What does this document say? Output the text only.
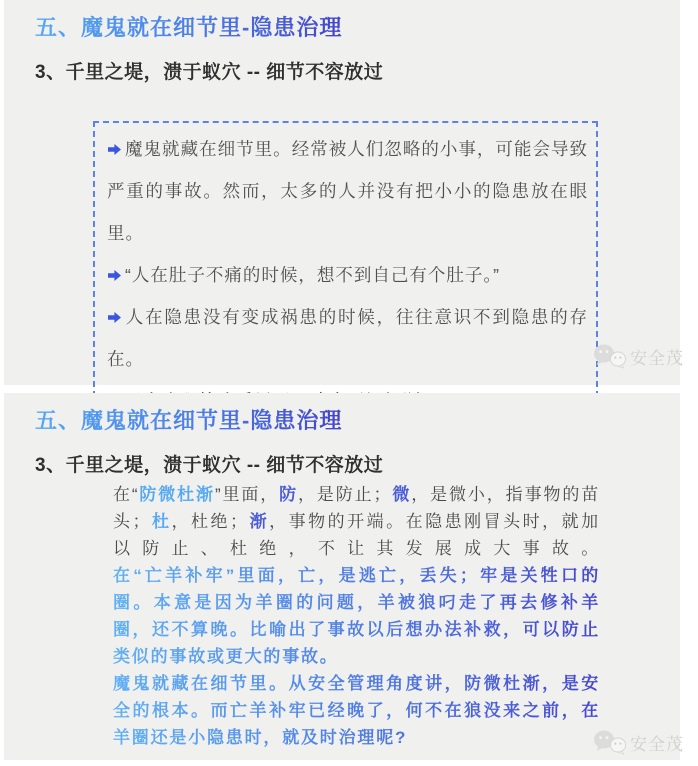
五、魔鬼就在细节里-隐患治理
3、千里之堤，溃于蚁穴 -- 细节不容放过
魔鬼就藏在细节里。经常被人们忽略的小事，可能会导致严重的事故。然而，太多的人并没有把小小的隐患放在眼里。
“人在肚子不痛的时候，想不到自己有个肚子。”
人在隐患没有变成祸患的时候，往往意识不到隐患的存在。	安全茂
五、魔鬼就在细节里-隐患治理
3、千里之堤，溃于蚁穴 -- 细节不容放过

在“防微杜渐”里面，防，是防止；微，是微小，指事物的苗头；杜，杜绝；渐，事物的开端。在隐患刚冒头时，就加以防止、杜绝，不让其发展成大事故。

在“亡羊补牢”里面，亡，是逃亡，丢失；牢是关牲口的圈。本意是因为羊圈的问题，羊被狼叼走了再去修补羊圈，还不算晚。比喻出了事故以后想办法补救，可以防止类似的事故或更大的事故。

魔鬼就藏在细节里。从安全管理角度讲，防微杜渐，是安全的根本。而亡羊补牢已经晚了，何不在狼没来之前，在羊圈还是小隐患时，就及时治理呢?	安全茂
